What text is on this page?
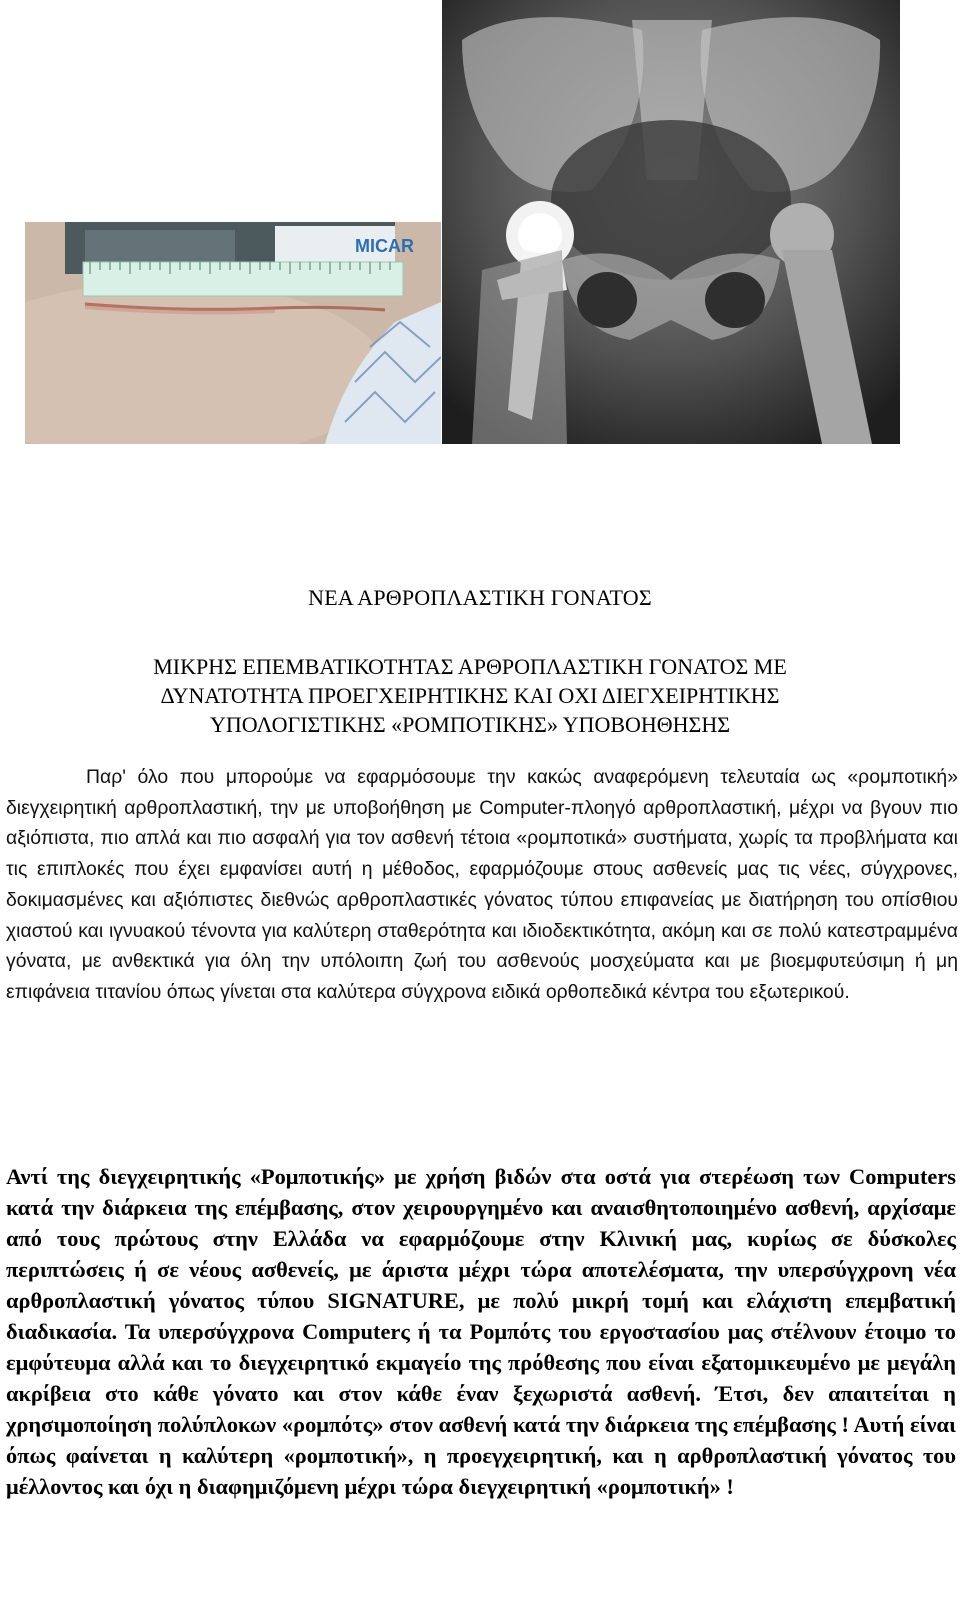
MICAR
ΝΕΑ ΑΡΘΡΟΠΛΑΣΤΙΚΗ ΓΟΝΑΤΟΣ
ΜΙΚΡΗΣ ΕΠΕΜΒΑΤΙΚΟΤΗΤΑΣ ΑΡΘΡΟΠΛΑΣΤΙΚΗ ΓΟΝΑΤΟΣ ΜΕ
ΔΥΝΑΤΟΤΗΤΑ ΠΡΟΕΓΧΕΙΡΗΤΙΚΗΣ ΚΑΙ ΟΧΙ ΔΙΕΓΧΕΙΡΗΤΙΚΗΣ
ΥΠΟΛΟΓΙΣΤΙΚΗΣ «ΡΟΜΠΟΤΙΚΗΣ» ΥΠΟΒΟΗΘΗΣΗΣ

Παρ' όλο που μπορούμε να εφαρμόσουμε την κακώς αναφερόμενη τελευταία ως «ρομποτική» διεγχειρητική αρθροπλαστική, την με υποβοήθηση με Computer-πλοηγό αρθροπλαστική, μέχρι να βγουν πιο αξιόπιστα, πιο απλά και πιο ασφαλή για τον ασθενή τέτοια «ρομποτικά» συστήματα, χωρίς τα προβλήματα και τις επιπλοκές που έχει εμφανίσει αυτή η μέθοδος, εφαρμόζουμε στους ασθενείς μας τις νέες, σύγχρονες, δοκιμασμένες και αξιόπιστες διεθνώς αρθροπλαστικές γόνατος τύπου επιφανείας με διατήρηση του οπίσθιου χιαστού και ιγνυακού τένοντα για καλύτερη σταθερότητα και ιδιοδεκτικότητα, ακόμη και σε πολύ κατεστραμμένα γόνατα, με ανθεκτικά για όλη την υπόλοιπη ζωή του ασθενούς μοσχεύματα και με βιοεμφυτεύσιμη ή μη επιφάνεια τιτανίου όπως γίνεται στα καλύτερα σύγχρονα ειδικά ορθοπεδικά κέντρα του εξωτερικού.

Αντί της διεγχειρητικής «Ρομποτικής» με χρήση βιδών στα οστά για στερέωση των Computers κατά την διάρκεια της επέμβασης, στον χειρουργημένο και αναισθητοποιημένο ασθενή, αρχίσαμε από τους πρώτους στην Ελλάδα να εφαρμόζουμε στην Κλινική μας, κυρίως σε δύσκολες περιπτώσεις ή σε νέους ασθενείς, με άριστα μέχρι τώρα αποτελέσματα, την υπερσύγχρονη νέα αρθροπλαστική γόνατος τύπου SIGNATURE, με πολύ μικρή τομή και ελάχιστη επεμβατική διαδικασία. Τα υπερσύγχρονα Computerς ή τα Ρομπότς του εργοστασίου μας στέλνουν έτοιμο το εμφύτευμα αλλά και το διεγχειρητικό εκμαγείο της πρόθεσης που είναι εξατομικευμένο με μεγάλη ακρίβεια στο κάθε γόνατο και στον κάθε έναν ξεχωριστά ασθενή. Έτσι, δεν απαιτείται η χρησιμοποίηση πολύπλοκων «ρομπότς» στον ασθενή κατά την διάρκεια της επέμβασης ! Αυτή είναι όπως φαίνεται η καλύτερη «ρομποτική», η προεγχειρητική, και η αρθροπλαστική γόνατος του μέλλοντος και όχι η διαφημιζόμενη μέχρι τώρα διεγχειρητική «ρομποτική» !
